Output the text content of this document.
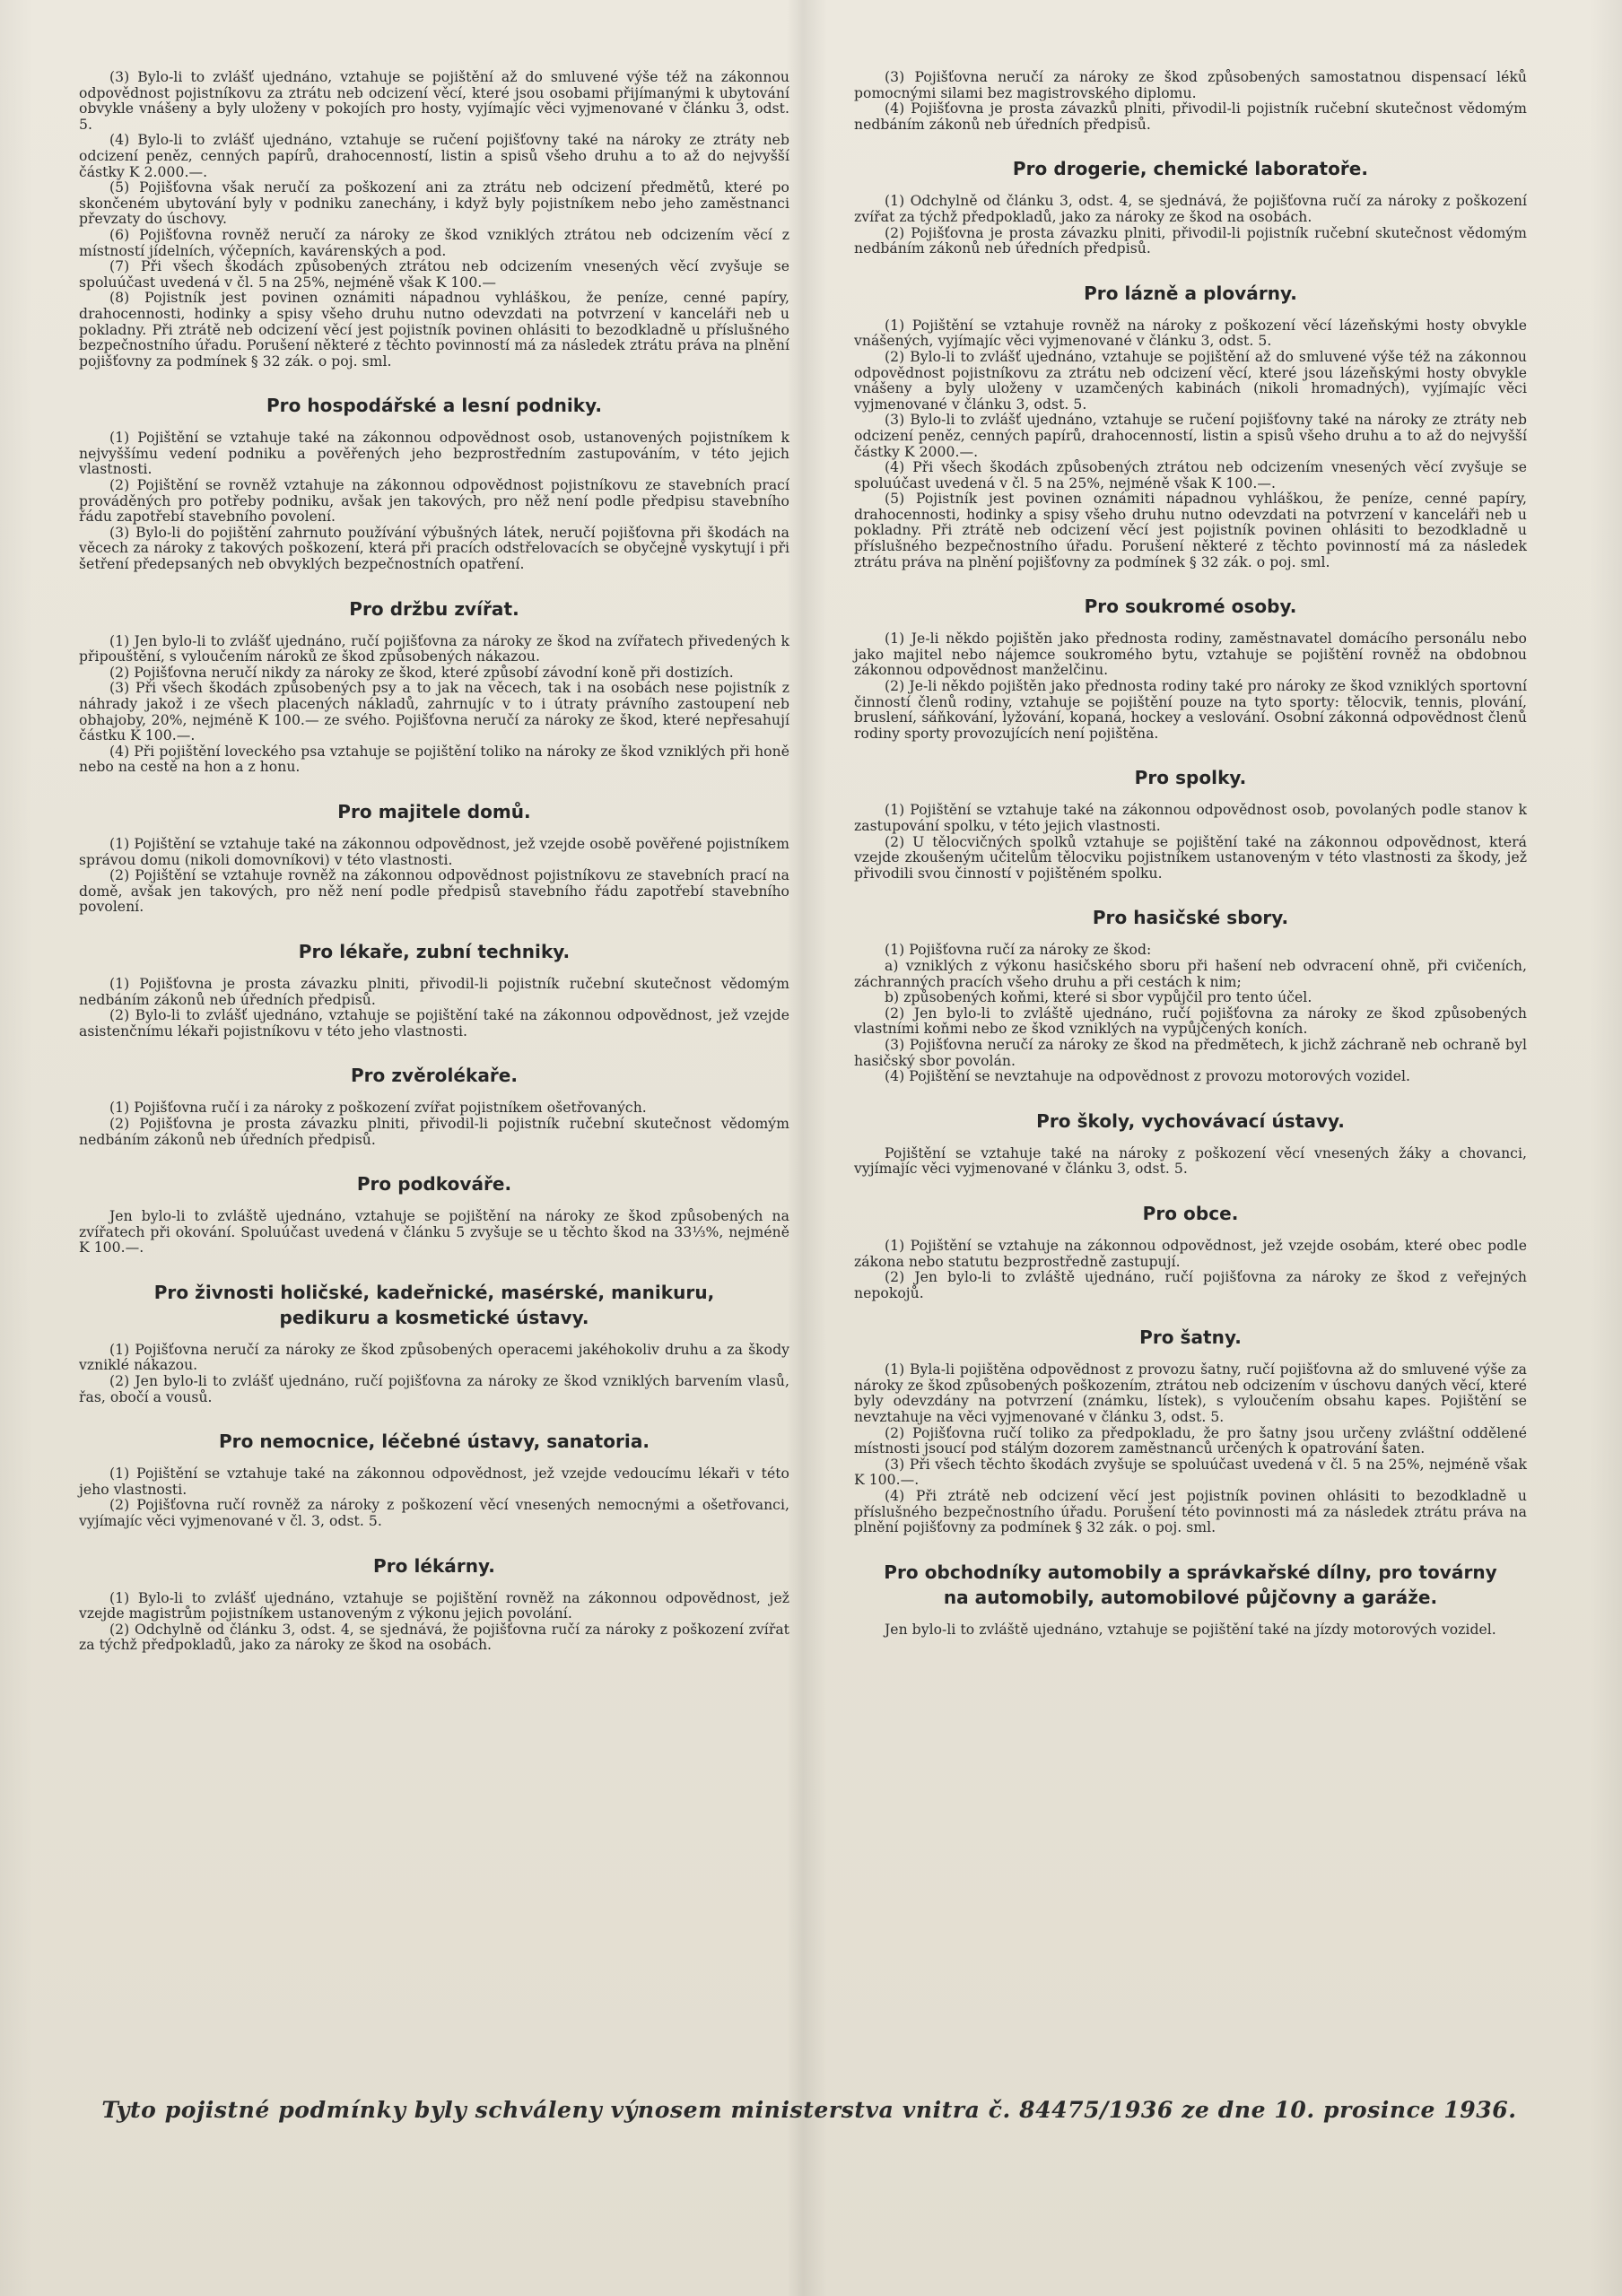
(3) Bylo-li to zvlášť ujednáno, vztahuje se pojištění až do smluvené výše též na zákonnou odpovědnost pojistníkovu za ztrátu neb odcizení věcí, které jsou osobami přijímanými k ubytování obvykle vnášeny a byly uloženy v pokojích pro hosty, vyjímajíc věci vyjmenované v článku 3, odst. 5.

(4) Bylo-li to zvlášť ujednáno, vztahuje se ručení pojišťovny také na nároky ze ztráty neb odcizení peněz, cenných papírů, drahocenností, listin a spisů všeho druhu a to až do nejvyšší částky K 2.000.—.

(5) Pojišťovna však neručí za poškození ani za ztrátu neb odcizení předmětů, které po skončeném ubytování byly v podniku zanechány, i když byly pojistníkem nebo jeho zaměstnanci převzaty do úschovy.

(6) Pojišťovna rovněž neručí za nároky ze škod vzniklých ztrátou neb odcizením věcí z místností jídelních, výčepních, kavárenských a pod.

(7) Při všech škodách způsobených ztrátou neb odcizením vnesených věcí zvyšuje se spoluúčast uvedená v čl. 5 na 25%, nejméně však K 100.—

(8) Pojistník jest povinen oznámiti nápadnou vyhláškou, že peníze, cenné papíry, drahocennosti, hodinky a spisy všeho druhu nutno odevzdati na potvrzení v kanceláři neb u pokladny. Při ztrátě neb odcizení věcí jest pojistník povinen ohlásiti to bezodkladně u příslušného bezpečnostního úřadu. Porušení některé z těchto povinností má za následek ztrátu práva na plnění pojišťovny za podmínek § 32 zák. o poj. sml.

Pro hospodářské a lesní podniky.

(1) Pojištění se vztahuje také na zákonnou odpovědnost osob, ustanovených pojistníkem k nejvyššímu vedení podniku a pověřených jeho bezprostředním zastupováním, v této jejich vlastnosti.

(2) Pojištění se rovněž vztahuje na zákonnou odpovědnost pojistníkovu ze stavebních prací prováděných pro potřeby podniku, avšak jen takových, pro něž není podle předpisu stavebního řádu zapotřebí stavebního povolení.

(3) Bylo-li do pojištění zahrnuto používání výbušných látek, neručí pojišťovna při škodách na věcech za nároky z takových poškození, která při pracích odstřelovacích se obyčejně vyskytují i při šetření předepsaných neb obvyklých bezpečnostních opatření.

Pro držbu zvířat.

(1) Jen bylo-li to zvlášť ujednáno, ručí pojišťovna za nároky ze škod na zvířatech přivedených k připouštění, s vyloučením nároků ze škod způsobených nákazou.

(2) Pojišťovna neručí nikdy za nároky ze škod, které způsobí závodní koně při dostizích.

(3) Při všech škodách způsobených psy a to jak na věcech, tak i na osobách nese pojistník z náhrady jakož i ze všech placených nákladů, zahrnujíc v to i útraty právního zastoupení neb obhajoby, 20%, nejméně K 100.— ze svého. Pojišťovna neručí za nároky ze škod, které nepřesahují částku K 100.—.

(4) Při pojištění loveckého psa vztahuje se pojištění toliko na nároky ze škod vzniklých při honě nebo na cestě na hon a z honu.

Pro majitele domů.

(1) Pojištění se vztahuje také na zákonnou odpovědnost, jež vzejde osobě pověřené pojistníkem správou domu (nikoli domovníkovi) v této vlastnosti.

(2) Pojištění se vztahuje rovněž na zákonnou odpovědnost pojistníkovu ze stavebních prací na domě, avšak jen takových, pro něž není podle předpisů stavebního řádu zapotřebí stavebního povolení.

Pro lékaře, zubní techniky.

(1) Pojišťovna je prosta závazku plniti, přivodil-li pojistník ručební skutečnost vědomým nedbáním zákonů neb úředních předpisů.

(2) Bylo-li to zvlášť ujednáno, vztahuje se pojištění také na zákonnou odpovědnost, jež vzejde asistenčnímu lékaři pojistníkovu v této jeho vlastnosti.

Pro zvěrolékaře.

(1) Pojišťovna ručí i za nároky z poškození zvířat pojistníkem ošetřovaných.

(2) Pojišťovna je prosta závazku plniti, přivodil-li pojistník ručební skutečnost vědomým nedbáním zákonů neb úředních předpisů.

Pro podkováře.

Jen bylo-li to zvláště ujednáno, vztahuje se pojištění na nároky ze škod způsobených na zvířatech při okování. Spoluúčast uvedená v článku 5 zvyšuje se u těchto škod na 33⅓%, nejméně K 100.—.

Pro živnosti holičské, kadeřnické, masérské, manikuru,
pedikuru a kosmetické ústavy.

(1) Pojišťovna neručí za nároky ze škod způsobených operacemi jakéhokoliv druhu a za škody vzniklé nákazou.

(2) Jen bylo-li to zvlášť ujednáno, ručí pojišťovna za nároky ze škod vzniklých barvením vlasů, řas, obočí a vousů.

Pro nemocnice, léčebné ústavy, sanatoria.

(1) Pojištění se vztahuje také na zákonnou odpovědnost, jež vzejde vedoucímu lékaři v této jeho vlastnosti.

(2) Pojišťovna ručí rovněž za nároky z poškození věcí vnesených nemocnými a ošetřovanci, vyjímajíc věci vyjmenované v čl. 3, odst. 5.

Pro lékárny.

(1) Bylo-li to zvlášť ujednáno, vztahuje se pojištění rovněž na zákonnou odpovědnost, jež vzejde magistrům pojistníkem ustanoveným z výkonu jejich povolání.

(2) Odchylně od článku 3, odst. 4, se sjednává, že pojišťovna ručí za nároky z poškození zvířat za týchž předpokladů, jako za nároky ze škod na osobách.

(3) Pojišťovna neručí za nároky ze škod způsobených samostatnou dispensací léků pomocnými silami bez magistrovského diplomu.

(4) Pojišťovna je prosta závazků plniti, přivodil-li pojistník ručební skutečnost vědomým nedbáním zákonů neb úředních předpisů.

Pro drogerie, chemické laboratoře.

(1) Odchylně od článku 3, odst. 4, se sjednává, že pojišťovna ručí za nároky z poškození zvířat za týchž předpokladů, jako za nároky ze škod na osobách.

(2) Pojišťovna je prosta závazku plniti, přivodil-li pojistník ručební skutečnost vědomým nedbáním zákonů neb úředních předpisů.

Pro lázně a plovárny.

(1) Pojištění se vztahuje rovněž na nároky z poškození věcí lázeňskými hosty obvykle vnášených, vyjímajíc věci vyjmenované v článku 3, odst. 5.

(2) Bylo-li to zvlášť ujednáno, vztahuje se pojištění až do smluvené výše též na zákonnou odpovědnost pojistníkovu za ztrátu neb odcizení věcí, které jsou lázeňskými hosty obvykle vnášeny a byly uloženy v uzamčených kabinách (nikoli hromadných), vyjímajíc věci vyjmenované v článku 3, odst. 5.

(3) Bylo-li to zvlášť ujednáno, vztahuje se ručení pojišťovny také na nároky ze ztráty neb odcizení peněz, cenných papírů, drahocenností, listin a spisů všeho druhu a to až do nejvyšší částky K 2000.—.

(4) Při všech škodách způsobených ztrátou neb odcizením vnesených věcí zvyšuje se spoluúčast uvedená v čl. 5 na 25%, nejméně však K 100.—.

(5) Pojistník jest povinen oznámiti nápadnou vyhláškou, že peníze, cenné papíry, drahocennosti, hodinky a spisy všeho druhu nutno odevzdati na potvrzení v kanceláři neb u pokladny. Při ztrátě neb odcizení věcí jest pojistník povinen ohlásiti to bezodkladně u příslušného bezpečnostního úřadu. Porušení některé z těchto povinností má za následek ztrátu práva na plnění pojišťovny za podmínek § 32 zák. o poj. sml.

Pro soukromé osoby.

(1) Je-li někdo pojištěn jako přednosta rodiny, zaměstnavatel domácího personálu nebo jako majitel nebo nájemce soukromého bytu, vztahuje se pojištění rovněž na obdobnou zákonnou odpovědnost manželčinu.

(2) Je-li někdo pojištěn jako přednosta rodiny také pro nároky ze škod vzniklých sportovní činností členů rodiny, vztahuje se pojištění pouze na tyto sporty: tělocvik, tennis, plování, bruslení, sáňkování, lyžování, kopaná, hockey a veslování. Osobní zákonná odpovědnost členů rodiny sporty provozujících není pojištěna.

Pro spolky.

(1) Pojištění se vztahuje také na zákonnou odpovědnost osob, povolaných podle stanov k zastupování spolku, v této jejich vlastnosti.

(2) U tělocvičných spolků vztahuje se pojištění také na zákonnou odpovědnost, která vzejde zkoušeným učitelům tělocviku pojistníkem ustanoveným v této vlastnosti za škody, jež přivodili svou činností v pojištěném spolku.

Pro hasičské sbory.

(1) Pojišťovna ručí za nároky ze škod:

a) vzniklých z výkonu hasičského sboru při hašení neb odvracení ohně, při cvičeních, záchranných pracích všeho druhu a při cestách k nim;

b) způsobených koňmi, které si sbor vypůjčil pro tento účel.

(2) Jen bylo-li to zvláště ujednáno, ručí pojišťovna za nároky ze škod způsobených vlastními koňmi nebo ze škod vzniklých na vypůjčených koních.

(3) Pojišťovna neručí za nároky ze škod na předmětech, k jichž záchraně neb ochraně byl hasičský sbor povolán.

(4) Pojištění se nevztahuje na odpovědnost z provozu motorových vozidel.

Pro školy, vychovávací ústavy.

Pojištění se vztahuje také na nároky z poškození věcí vnesených žáky a chovanci, vyjímajíc věci vyjmenované v článku 3, odst. 5.

Pro obce.

(1) Pojištění se vztahuje na zákonnou odpovědnost, jež vzejde osobám, které obec podle zákona nebo statutu bezprostředně zastupují.

(2) Jen bylo-li to zvláště ujednáno, ručí pojišťovna za nároky ze škod z veřejných nepokojů.

Pro šatny.

(1) Byla-li pojištěna odpovědnost z provozu šatny, ručí pojišťovna až do smluvené výše za nároky ze škod způsobených poškozením, ztrátou neb odcizením v úschovu daných věcí, které byly odevzdány na potvrzení (známku, lístek), s vyloučením obsahu kapes. Pojištění se nevztahuje na věci vyjmenované v článku 3, odst. 5.

(2) Pojišťovna ručí toliko za předpokladu, že pro šatny jsou určeny zvláštní oddělené místnosti jsoucí pod stálým dozorem zaměstnanců určených k opatrování šaten.

(3) Při všech těchto škodách zvyšuje se spoluúčast uvedená v čl. 5 na 25%, nejméně však K 100.—.

(4) Při ztrátě neb odcizení věcí jest pojistník povinen ohlásiti to bezodkladně u příslušného bezpečnostního úřadu. Porušení této povinnosti má za následek ztrátu práva na plnění pojišťovny za podmínek § 32 zák. o poj. sml.

Pro obchodníky automobily a správkařské dílny, pro továrny
na automobily, automobilové půjčovny a garáže.

Jen bylo-li to zvláště ujednáno, vztahuje se pojištění také na jízdy motorových vozidel.

Tyto pojistné podmínky byly schváleny výnosem ministerstva vnitra č. 84475/1936 ze dne 10. prosince 1936.
